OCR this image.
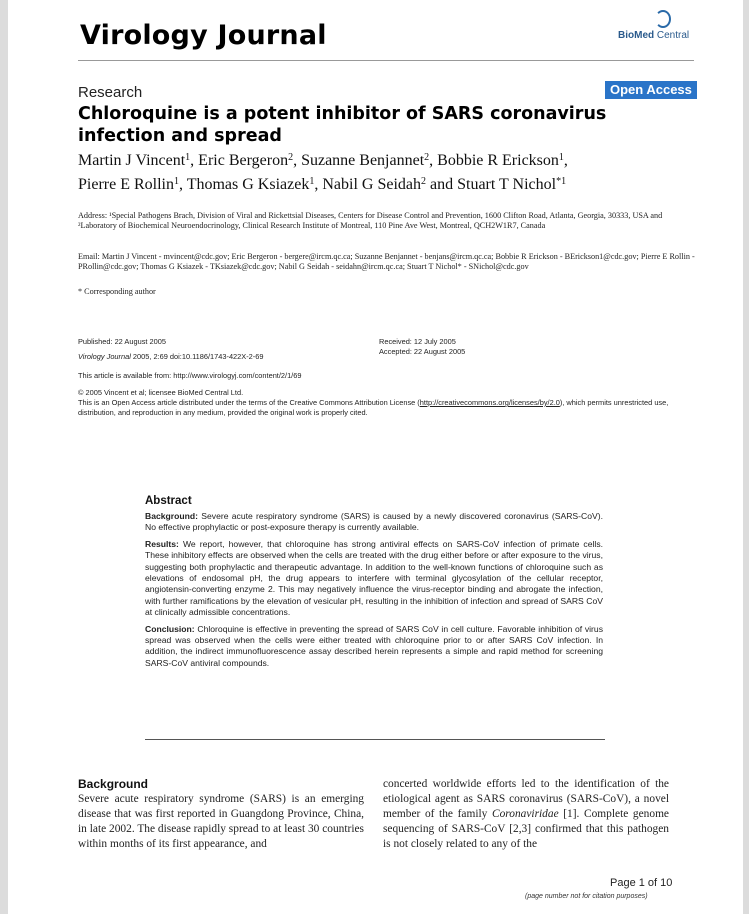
Virology Journal	BioMed Central
Research	Open Access
Chloroquine is a potent inhibitor of SARS coronavirus infection and spread
Martin J Vincent$^1$, Eric Bergeron$^2$, Suzanne Benjannet$^2$, Bobbie R Erickson$^1$,
Pierre E Rollin$^1$, Thomas G Ksiazek$^1$, Nabil G Seidah$^2$ and Stuart T Nichol$^{*1}$
Address: ¹Special Pathogens Brach, Division of Viral and Rickettsial Diseases, Centers for Disease Control and Prevention, 1600 Clifton Road, Atlanta, Georgia, 30333, USA and ²Laboratory of Biochemical Neuroendocrinology, Clinical Research Institute of Montreal, 110 Pine Ave West, Montreal, QCH2W1R7, Canada
Email: Martin J Vincent - mvincent@cdc.gov; Eric Bergeron - bergere@ircm.qc.ca; Suzanne Benjannet - benjans@ircm.qc.ca; Bobbie R Erickson - BErickson1@cdc.gov; Pierre E Rollin - PRollin@cdc.gov; Thomas G Ksiazek - TKsiazek@cdc.gov; Nabil G Seidah - seidahn@ircm.qc.ca; Stuart T Nichol* - SNichol@cdc.gov
* Corresponding author
Published: 22 August 2005
Virology Journal 2005, 2:69 doi:10.1186/1743-422X-2-69
Received: 12 July 2005
Accepted: 22 August 2005
This article is available from: http://www.virologyj.com/content/2/1/69
© 2005 Vincent et al; licensee BioMed Central Ltd.
This is an Open Access article distributed under the terms of the Creative Commons Attribution License (http://creativecommons.org/licenses/by/2.0), which permits unrestricted use, distribution, and reproduction in any medium, provided the original work is properly cited.
Abstract

Background: Severe acute respiratory syndrome (SARS) is caused by a newly discovered coronavirus (SARS-CoV). No effective prophylactic or post-exposure therapy is currently available.

Results: We report, however, that chloroquine has strong antiviral effects on SARS-CoV infection of primate cells. These inhibitory effects are observed when the cells are treated with the drug either before or after exposure to the virus, suggesting both prophylactic and therapeutic advantage. In addition to the well-known functions of chloroquine such as elevations of endosomal pH, the drug appears to interfere with terminal glycosylation of the cellular receptor, angiotensin-converting enzyme 2. This may negatively influence the virus-receptor binding and abrogate the infection, with further ramifications by the elevation of vesicular pH, resulting in the inhibition of infection and spread of SARS CoV at clinically admissible concentrations.

Conclusion: Chloroquine is effective in preventing the spread of SARS CoV in cell culture. Favorable inhibition of virus spread was observed when the cells were either treated with chloroquine prior to or after SARS CoV infection. In addition, the indirect immunofluorescence assay described herein represents a simple and rapid method for screening SARS-CoV antiviral compounds.

Background
Severe acute respiratory syndrome (SARS) is an emerging disease that was first reported in Guangdong Province, China, in late 2002. The disease rapidly spread to at least 30 countries within months of its first appearance, and
concerted worldwide efforts led to the identification of the etiological agent as SARS coronavirus (SARS-CoV), a novel member of the family Coronaviridae [1]. Complete genome sequencing of SARS-CoV [2,3] confirmed that this pathogen is not closely related to any of the
Page 1 of 10
(page number not for citation purposes)
